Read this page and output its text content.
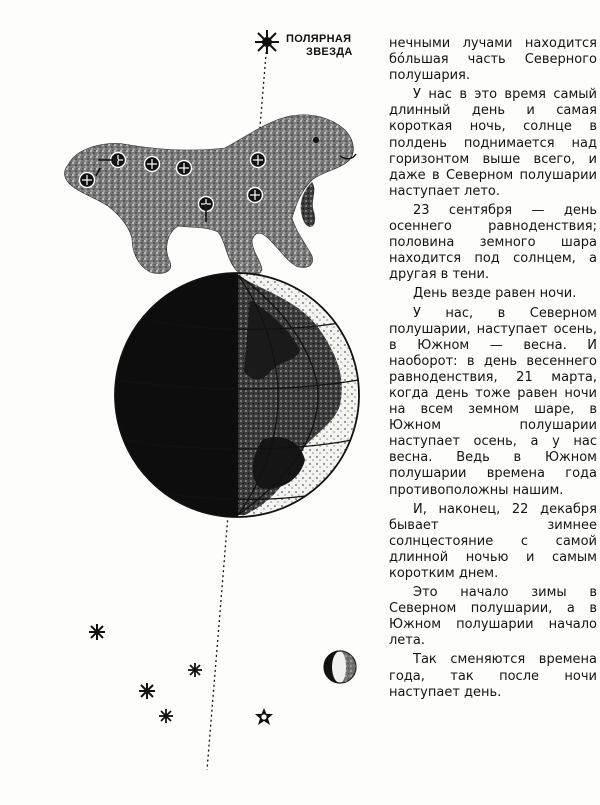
ПОЛЯРНАЯ
ЗВЕЗДА

нечными лучами находится бóльшая часть Северного полушария.

У нас в это время самый длинный день и самая короткая ночь, солнце в полдень поднимается над горизонтом выше всего, и даже в Северном полушарии наступает лето.

23 сентября — день осеннего равноденствия; половина земного шара находится под солнцем, а другая в тени.

День везде равен ночи.

У нас, в Северном полушарии, наступает осень, в Южном — весна. И наоборот: в день весеннего равноденствия, 21 марта, когда день тоже равен ночи на всем земном шаре, в Южном полушарии наступает осень, а у нас весна. Ведь в Южном полушарии времена года противоположны нашим.

И, наконец, 22 декабря бывает зимнее солнцестояние с самой длинной ночью и самым коротким днем.

Это начало зимы в Северном полушарии, а в Южном полушарии начало лета.

Так сменяются времена года, так после ночи наступает день.
